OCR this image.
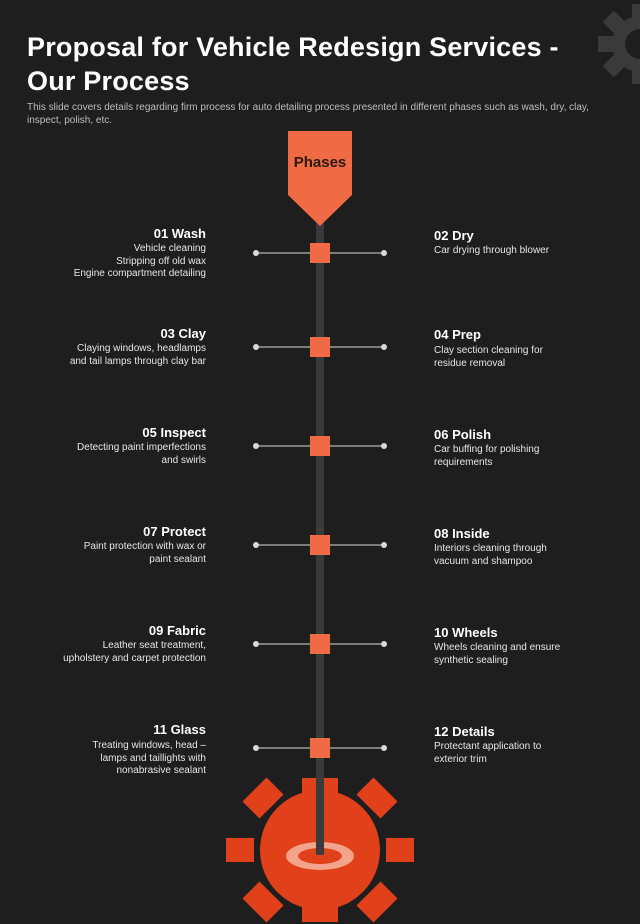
Proposal for Vehicle Redesign Services - Our Process
This slide covers details regarding firm process for auto detailing process presented in different phases such as wash, dry, clay, inspect, polish, etc.
Phases
01 Wash
Vehicle cleaning
Stripping off old wax
Engine compartment detailing
02 Dry
Car drying through blower
03 Clay
Claying windows, headlamps
and tail lamps through clay bar
04 Prep
Clay section cleaning for
residue removal
05 Inspect
Detecting paint imperfections
and swirls
06 Polish
Car buffing for polishing
requirements
07 Protect
Paint protection with wax or
paint sealant
08 Inside
Interiors cleaning through
vacuum and shampoo
09 Fabric
Leather seat treatment,
upholstery and carpet protection
10 Wheels
Wheels cleaning and ensure
synthetic sealing
11 Glass
Treating windows, head –
lamps and taillights with
nonabrasive sealant
12 Details
Protectant application to
exterior trim
